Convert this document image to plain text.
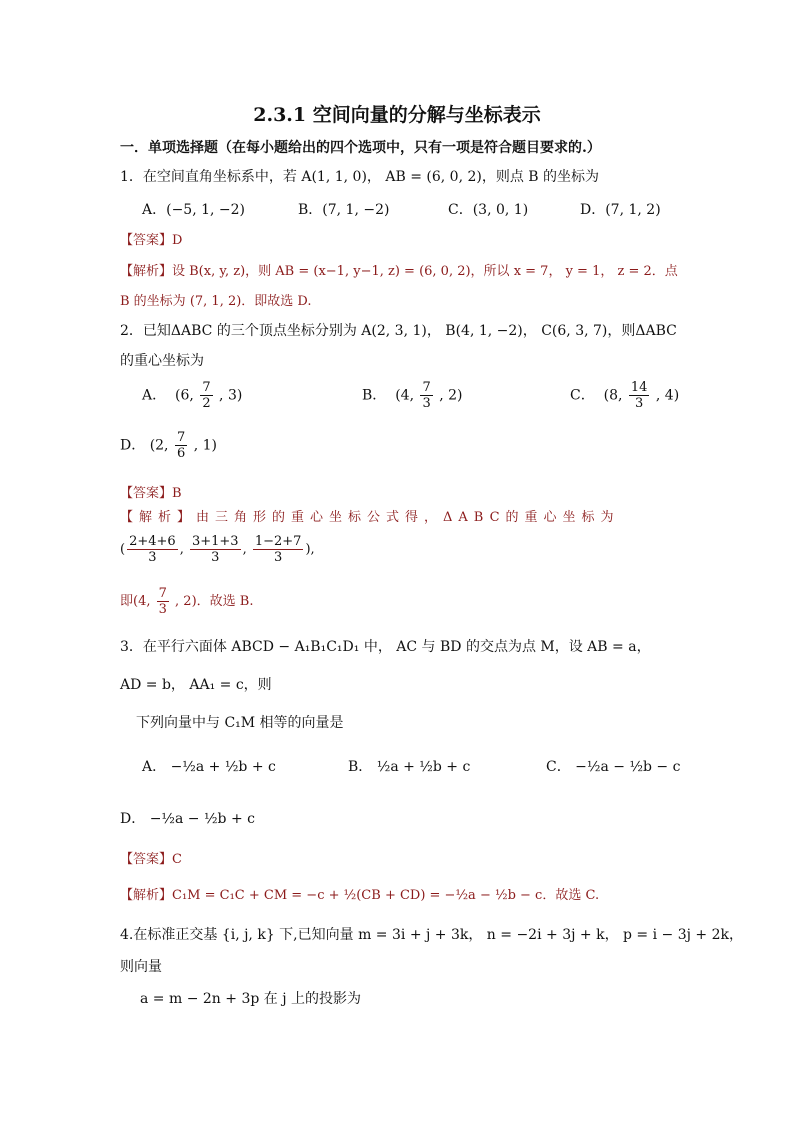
2.3.1 空间向量的分解与坐标表示
一．单项选择题（在每小题给出的四个选项中，只有一项是符合题目要求的.）
1．在空间直角坐标系中，若 A(1, 1, 0)， AB = (6, 0, 2)，则点 B 的坐标为
A．(−5, 1, −2)	B．(7, 1, −2)	C．(3, 0, 1)	D．(7, 1, 2)
【答案】D
【解析】设 B(x, y, z)，则 AB = (x−1, y−1, z) = (6, 0, 2)，所以 x = 7， y = 1， z = 2．点
B 的坐标为 (7, 1, 2)．即故选 D.
2．已知ΔABC 的三个顶点坐标分别为 A(2, 3, 1)， B(4, 1, −2)， C(6, 3, 7)，则ΔABC
的重心坐标为
A． (6, $\frac{7}{2}$ , 3)	B． (4, $\frac{7}{3}$ , 2)	C． (8, $\frac{14}{3}$ , 4)
D． (2, $\frac{7}{6}$ , 1)
【答案】B
【解析】由三角形的重心坐标公式得，ΔABC的重心坐标为
( $\frac{2+4+6}{3}$ , $\frac{3+1+3}{3}$ , $\frac{1-2+7}{3}$ ),
即(4, $\frac{7}{3}$ , 2)．故选 B.
3．在平行六面体 ABCD − A₁B₁C₁D₁ 中， AC 与 BD 的交点为点 M，设 AB = a，
AD = b， AA₁ = c，则
下列向量中与 C₁M 相等的向量是
A． −½a + ½b + c	B． ½a + ½b + c	C． −½a − ½b − c
D． −½a − ½b + c
【答案】C
【解析】C₁M = C₁C + CM = −c + ½(CB + CD) = −½a − ½b − c．故选 C.
4.在标准正交基 {i, j, k} 下,已知向量 m = 3i + j + 3k， n = −2i + 3j + k， p = i − 3j + 2k，
则向量
a = m − 2n + 3p 在 j 上的投影为
